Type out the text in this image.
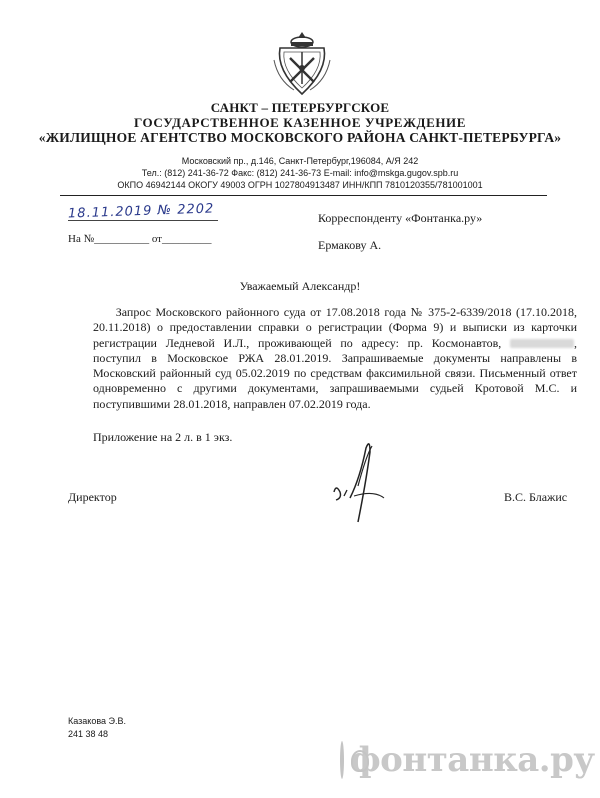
САНКТ – ПЕТЕРБУРГСКОЕ
ГОСУДАРСТВЕННОЕ КАЗЕННОЕ УЧРЕЖДЕНИЕ
«ЖИЛИЩНОЕ АГЕНТСТВО МОСКОВСКОГО РАЙОНА САНКТ-ПЕТЕРБУРГА»
Московский пр., д.146, Санкт-Петербург,196084, А/Я 242
Тел.: (812) 241-36-72 Факс: (812) 241-36-73 E-mail: info@mskga.gugov.spb.ru
ОКПО 46942144 ОКОГУ 49003 ОГРН 1027804913487 ИНН/КПП 7810120355/781001001
18.11.2019 № 2202
На №__________ от_________
Корреспонденту «Фонтанка.ру»
Ермакову А.
Уважаемый Александр!

Запрос Московского районного суда от 17.08.2018 года № 375-2-6339/2018 (17.10.2018, 20.11.2018) о предоставлении справки о регистрации (Форма 9) и выписки из карточки регистрации Ледневой И.Л., проживающей по адресу: пр. Космонавтов,	, поступил в Московское РЖА 28.01.2019. Запрашиваемые документы направлены в Московский районный суд 05.02.2019 по средствам факсимильной связи. Письменный ответ одновременно с другими документами, запрашиваемыми судьей Кротовой М.С. и поступившими 28.01.2018, направлен 07.02.2019 года.

Приложение на 2 л. в 1 экз.
Директор	В.С. Блажис
Казакова Э.В.
241 38 48
фонтанка.ру
